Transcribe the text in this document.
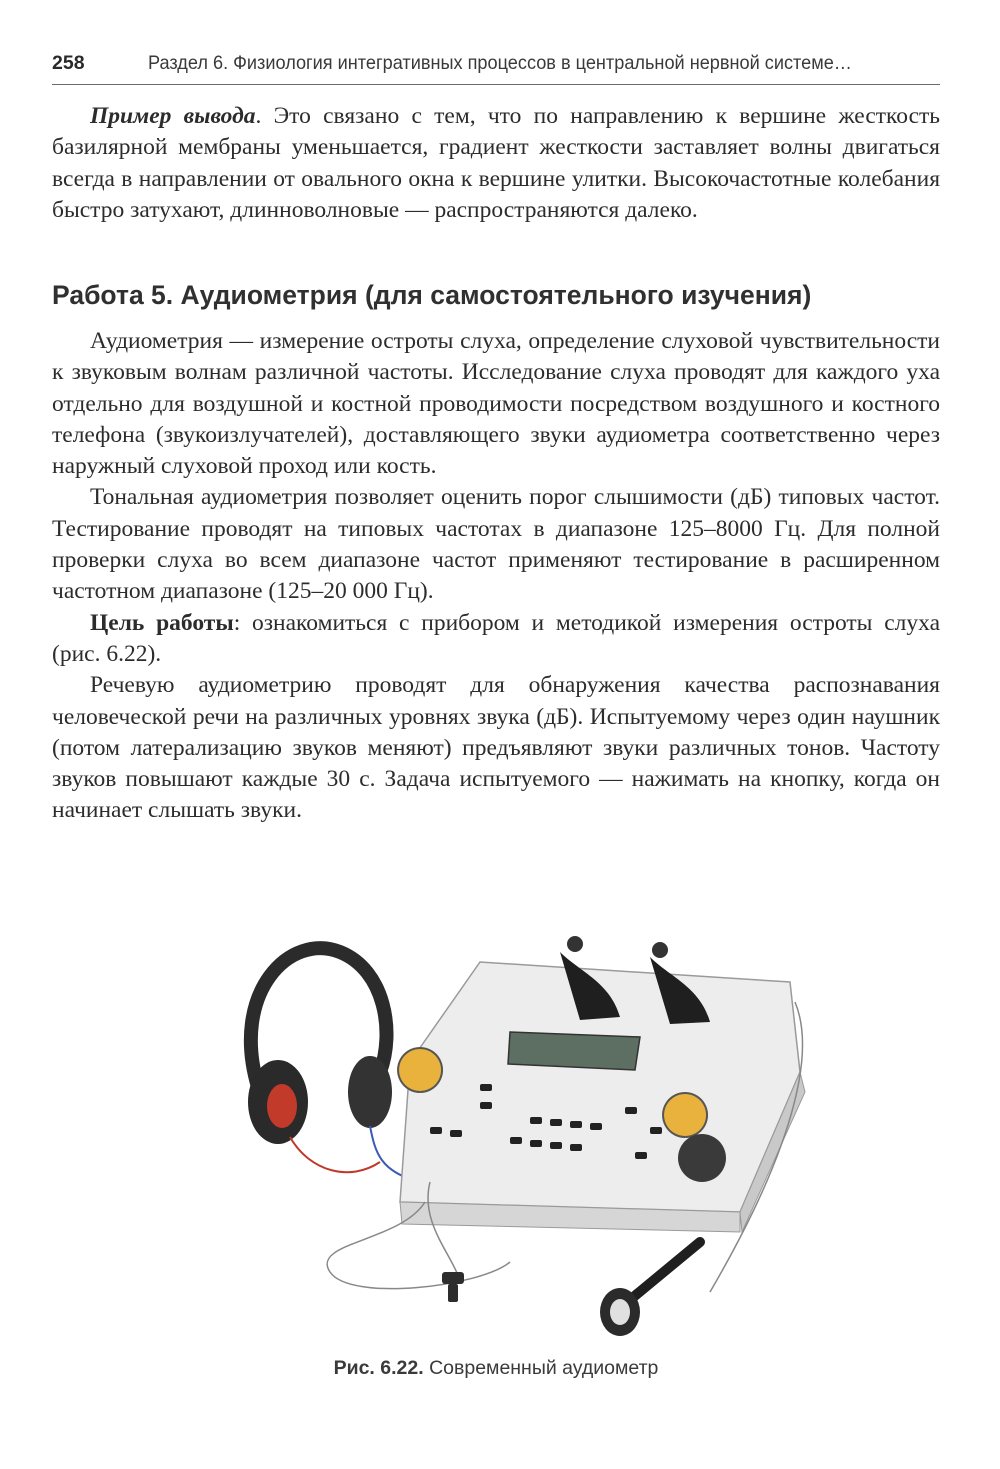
258	Раздел 6. Физиология интегративных процессов в центральной нервной системе…

Пример вывода. Это связано с тем, что по направлению к вершине жесткость базилярной мембраны уменьшается, градиент жесткости заставляет волны двигаться всегда в направлении от овального окна к вершине улитки. Высокочастотные колебания быстро затухают, длинноволновые — распространяются далеко.

Работа 5. Аудиометрия (для самостоятельного изучения)

Аудиометрия — измерение остроты слуха, определение слуховой чувствительности к звуковым волнам различной частоты. Исследование слуха проводят для каждого уха отдельно для воздушной и костной проводимости посредством воздушного и костного телефона (звукоизлучателей), доставляющего звуки аудиометра соответственно через наружный слуховой проход или кость.

Тональная аудиометрия позволяет оценить порог слышимости (дБ) типовых частот. Тестирование проводят на типовых частотах в диапазоне 125–8000 Гц. Для полной проверки слуха во всем диапазоне частот применяют тестирование в расширенном частотном диапазоне (125–20 000 Гц).

Цель работы: ознакомиться с прибором и методикой измерения остроты слуха (рис. 6.22).

Речевую аудиометрию проводят для обнаружения качества распознавания человеческой речи на различных уровнях звука (дБ). Испытуемому через один наушник (потом латерализацию звуков меняют) предъявляют звуки различных тонов. Частоту звуков повышают каждые 30 с. Задача испытуемого — нажимать на кнопку, когда он начинает слышать звуки.

Рис. 6.22. Современный аудиометр
